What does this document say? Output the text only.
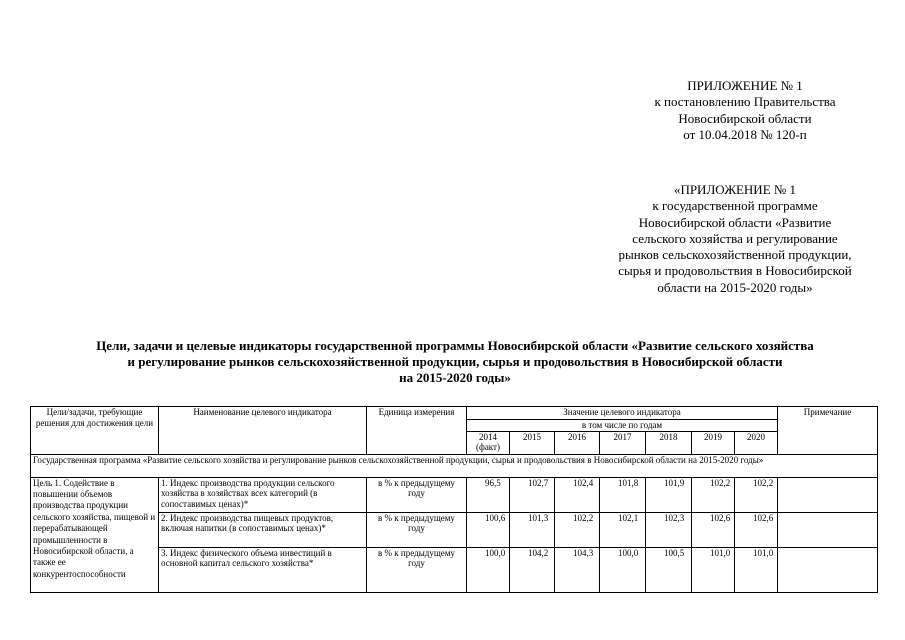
ПРИЛОЖЕНИЕ № 1
к постановлению Правительства
Новосибирской области
от 10.04.2018 № 120-п
«ПРИЛОЖЕНИЕ № 1
к государственной программе
Новосибирской области «Развитие
сельского хозяйства и регулирование
рынков сельскохозяйственной продукции,
сырья и продовольствия в Новосибирской
области на 2015-2020 годы»
Цели, задачи и целевые индикаторы государственной программы Новосибирской области «Развитие сельского хозяйства
и регулирование рынков сельскохозяйственной продукции, сырья и продовольствия в Новосибирской области
на 2015-2020 годы»
Цели/задачи, требующие решения для достижения цели	Наименование целевого индикатора	Единица измерения	Значение целевого индикатора							Примечание
			в том числе по годам							
			2014 (факт)	2015	2016	2017	2018	2019	2020	
Государственная программа «Развитие сельского хозяйства и регулирование рынков сельскохозяйственной продукции, сырья и продовольствия в Новосибирской области на 2015-2020 годы»										
Цель 1. Содействие в повышении объемов производства продукции сельского хозяйства, пищевой и перерабатывающей промышленности в Новосибирской области, а также ее конкурентоспособности	1. Индекс производства продукции сельского хозяйства в хозяйствах всех категорий (в сопоставимых ценах)*	в % к предыдущему году	96,5	102,7	102,4	101,8	101,9	102,2	102,2	
	2. Индекс производства пищевых продуктов, включая напитки (в сопоставимых ценах)*	в % к предыдущему году	100,6	101,3	102,2	102,1	102,3	102,6	102,6	
	3. Индекс физического объема инвестиций в основной капитал сельского хозяйства*	в % к предыдущему году	100,0	104,2	104,3	100,0	100,5	101,0	101,0	
